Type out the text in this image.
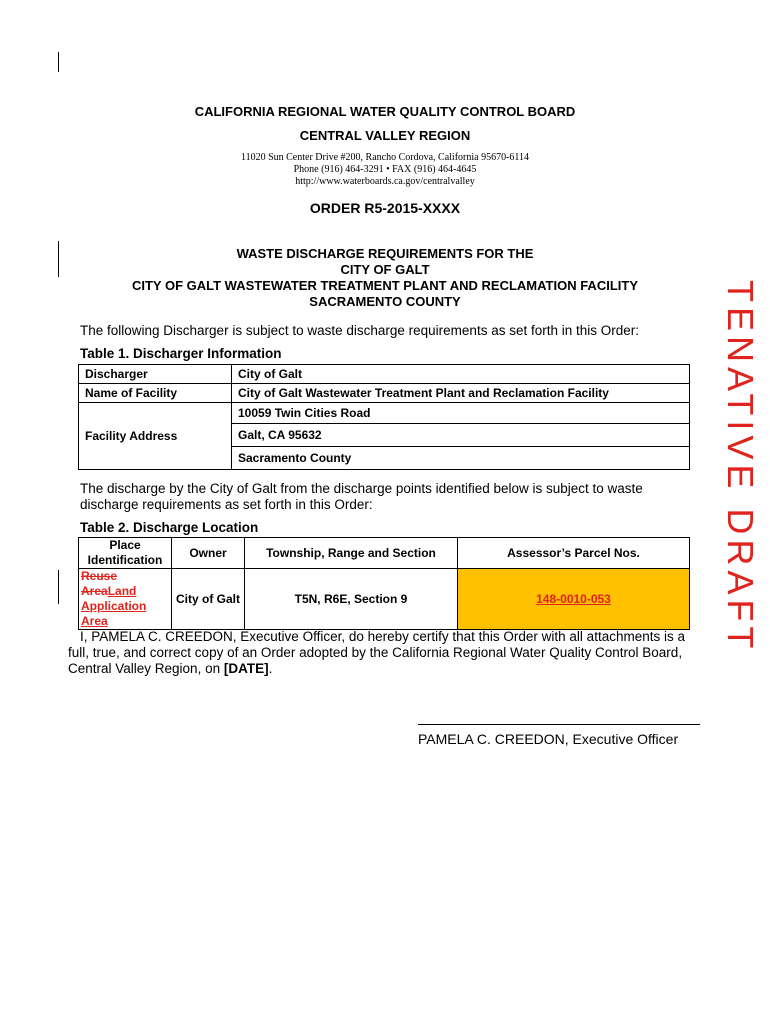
TENATIVE DRAFT
CALIFORNIA REGIONAL WATER QUALITY CONTROL BOARD
CENTRAL VALLEY REGION
11020 Sun Center Drive #200, Rancho Cordova, California 95670-6114
Phone (916) 464-3291 • FAX (916) 464-4645
http://www.waterboards.ca.gov/centralvalley
ORDER R5-2015-XXXX
WASTE DISCHARGE REQUIREMENTS FOR THE
CITY OF GALT
CITY OF GALT WASTEWATER TREATMENT PLANT AND RECLAMATION FACILITY
SACRAMENTO COUNTY
The following Discharger is subject to waste discharge requirements as set forth in this Order:
Table 1. Discharger Information
Discharger	City of Galt
Name of Facility	City of Galt Wastewater Treatment Plant and Reclamation Facility
Facility Address	10059 Twin Cities Road
	Galt, CA 95632
	Sacramento County
The discharge by the City of Galt from the discharge points identified below is subject to waste discharge requirements as set forth in this Order:
Table 2. Discharge Location
Place Identification	Owner	Township, Range and Section	Assessor’s Parcel Nos.
Reuse AreaLand
Application Area	City of Galt	T5N, R6E, Section 9	148-0010-053
I, PAMELA C. CREEDON, Executive Officer, do hereby certify that this Order with all attachments is a full, true, and correct copy of an Order adopted by the California Regional Water Quality Control Board, Central Valley Region, on [DATE].
PAMELA C. CREEDON, Executive Officer
